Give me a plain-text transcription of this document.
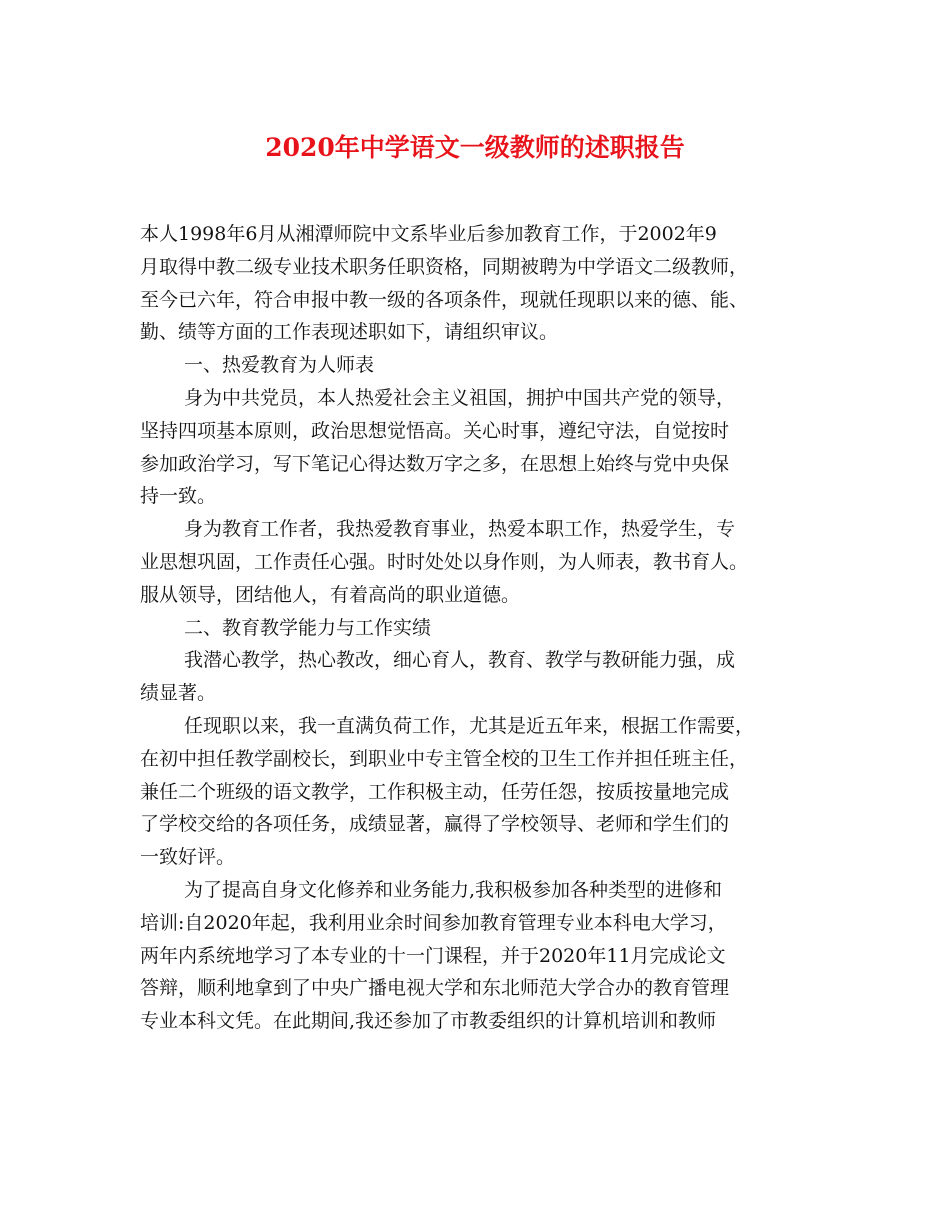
2020年中学语文一级教师的述职报告
本人1998年6月从湘潭师院中文系毕业后参加教育工作，于2002年9
月取得中教二级专业技术职务任职资格，同期被聘为中学语文二级教师，
至今已六年，符合申报中教一级的各项条件，现就任现职以来的德、能、
勤、绩等方面的工作表现述职如下，请组织审议。
一、热爱教育为人师表
身为中共党员，本人热爱社会主义祖国，拥护中国共产党的领导，
坚持四项基本原则，政治思想觉悟高。关心时事，遵纪守法，自觉按时
参加政治学习，写下笔记心得达数万字之多，在思想上始终与党中央保
持一致。
身为教育工作者，我热爱教育事业，热爱本职工作，热爱学生，专
业思想巩固，工作责任心强。时时处处以身作则，为人师表，教书育人。
服从领导，团结他人，有着高尚的职业道德。
二、教育教学能力与工作实绩
我潜心教学，热心教改，细心育人，教育、教学与教研能力强，成
绩显著。
任现职以来，我一直满负荷工作，尤其是近五年来，根据工作需要，
在初中担任教学副校长，到职业中专主管全校的卫生工作并担任班主任，
兼任二个班级的语文教学，工作积极主动，任劳任怨，按质按量地完成
了学校交给的各项任务，成绩显著，赢得了学校领导、老师和学生们的
一致好评。
为了提高自身文化修养和业务能力,我积极参加各种类型的进修和
培训:自2020年起，我利用业余时间参加教育管理专业本科电大学习，
两年内系统地学习了本专业的十一门课程，并于2020年11月完成论文
答辩，顺利地拿到了中央广播电视大学和东北师范大学合办的教育管理
专业本科文凭。在此期间,我还参加了市教委组织的计算机培训和教师
